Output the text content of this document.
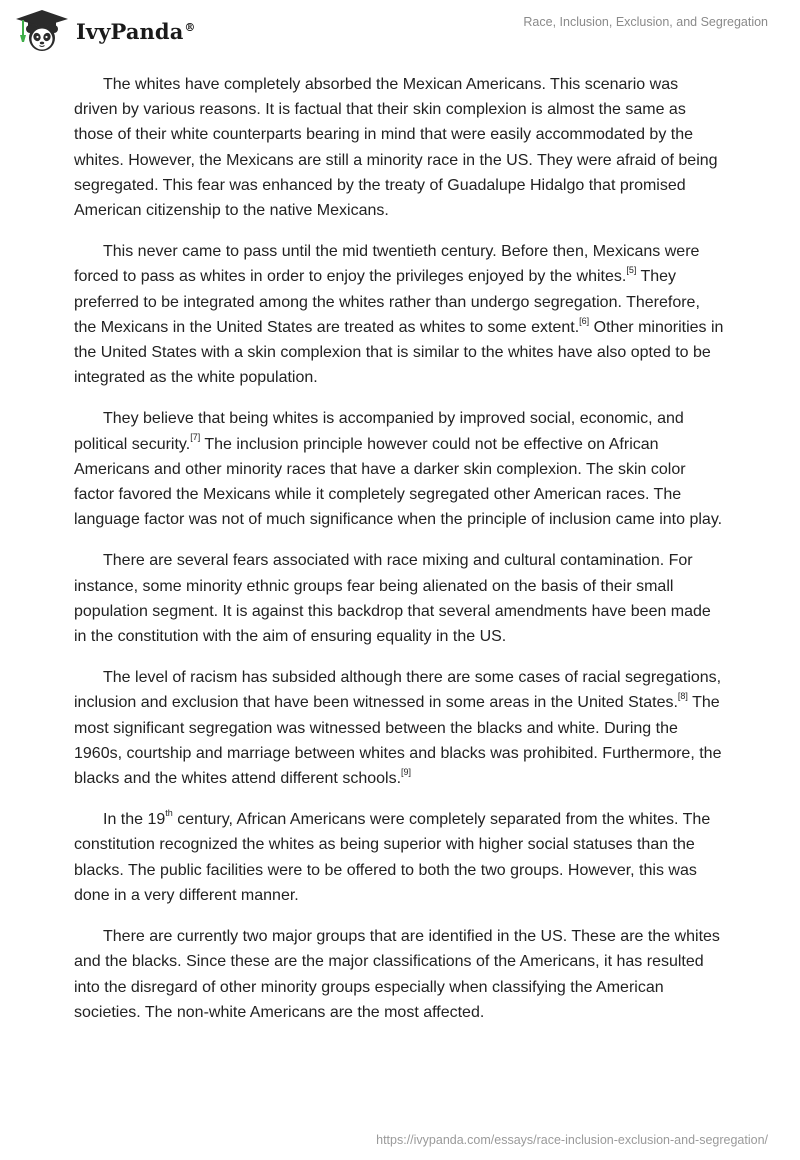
IvyPanda®	Race, Inclusion, Exclusion, and Segregation

The whites have completely absorbed the Mexican Americans. This scenario was driven by various reasons. It is factual that their skin complexion is almost the same as those of their white counterparts bearing in mind that were easily accommodated by the whites. However, the Mexicans are still a minority race in the US. They were afraid of being segregated. This fear was enhanced by the treaty of Guadalupe Hidalgo that promised American citizenship to the native Mexicans.

This never came to pass until the mid twentieth century. Before then, Mexicans were forced to pass as whites in order to enjoy the privileges enjoyed by the whites.[5] They preferred to be integrated among the whites rather than undergo segregation. Therefore, the Mexicans in the United States are treated as whites to some extent.[6] Other minorities in the United States with a skin complexion that is similar to the whites have also opted to be integrated as the white population.

They believe that being whites is accompanied by improved social, economic, and political security.[7] The inclusion principle however could not be effective on African Americans and other minority races that have a darker skin complexion. The skin color factor favored the Mexicans while it completely segregated other American races. The language factor was not of much significance when the principle of inclusion came into play.

There are several fears associated with race mixing and cultural contamination. For instance, some minority ethnic groups fear being alienated on the basis of their small population segment. It is against this backdrop that several amendments have been made in the constitution with the aim of ensuring equality in the US.

The level of racism has subsided although there are some cases of racial segregations, inclusion and exclusion that have been witnessed in some areas in the United States.[8] The most significant segregation was witnessed between the blacks and white. During the 1960s, courtship and marriage between whites and blacks was prohibited. Furthermore, the blacks and the whites attend different schools.[9]

In the 19th century, African Americans were completely separated from the whites. The constitution recognized the whites as being superior with higher social statuses than the blacks. The public facilities were to be offered to both the two groups. However, this was done in a very different manner.

There are currently two major groups that are identified in the US. These are the whites and the blacks. Since these are the major classifications of the Americans, it has resulted into the disregard of other minority groups especially when classifying the American societies. The non-white Americans are the most affected.

https://ivypanda.com/essays/race-inclusion-exclusion-and-segregation/
